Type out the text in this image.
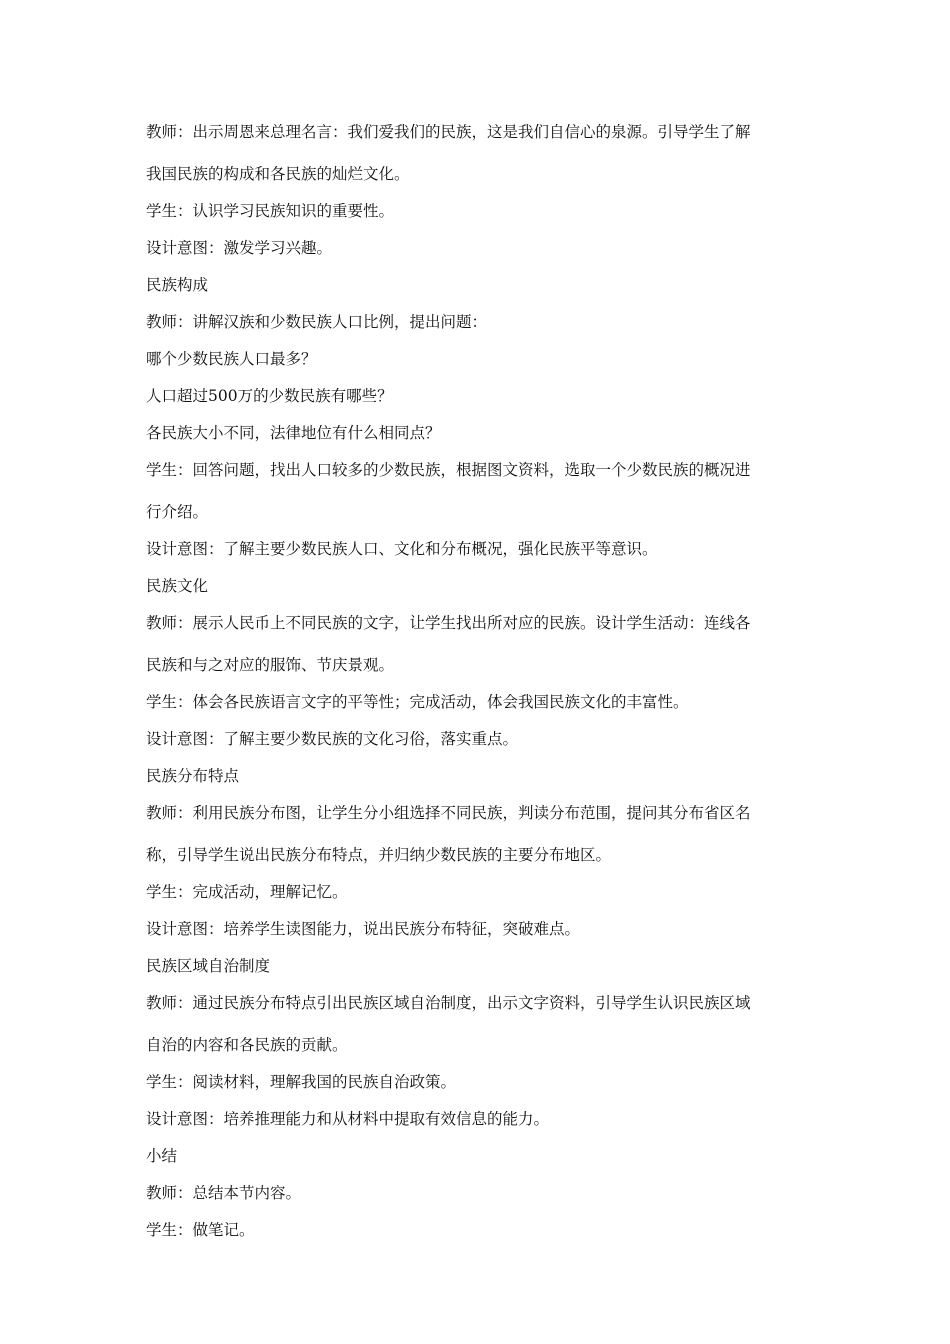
教师：出示周恩来总理名言：我们爱我们的民族，这是我们自信心的泉源。引导学生了解
我国民族的构成和各民族的灿烂文化。
学生：认识学习民族知识的重要性。
设计意图：激发学习兴趣。
民族构成
教师：讲解汉族和少数民族人口比例，提出问题：
哪个少数民族人口最多？
人口超过500万的少数民族有哪些？
各民族大小不同，法律地位有什么相同点？
学生：回答问题，找出人口较多的少数民族，根据图文资料，选取一个少数民族的概况进
行介绍。
设计意图：了解主要少数民族人口、文化和分布概况，强化民族平等意识。
民族文化
教师：展示人民币上不同民族的文字，让学生找出所对应的民族。设计学生活动：连线各
民族和与之对应的服饰、节庆景观。
学生：体会各民族语言文字的平等性；完成活动，体会我国民族文化的丰富性。
设计意图：了解主要少数民族的文化习俗，落实重点。
民族分布特点
教师：利用民族分布图，让学生分小组选择不同民族，判读分布范围，提问其分布省区名
称，引导学生说出民族分布特点，并归纳少数民族的主要分布地区。
学生：完成活动，理解记忆。
设计意图：培养学生读图能力，说出民族分布特征，突破难点。
民族区域自治制度
教师：通过民族分布特点引出民族区域自治制度，出示文字资料，引导学生认识民族区域
自治的内容和各民族的贡献。
学生：阅读材料，理解我国的民族自治政策。
设计意图：培养推理能力和从材料中提取有效信息的能力。
小结
教师：总结本节内容。
学生：做笔记。
